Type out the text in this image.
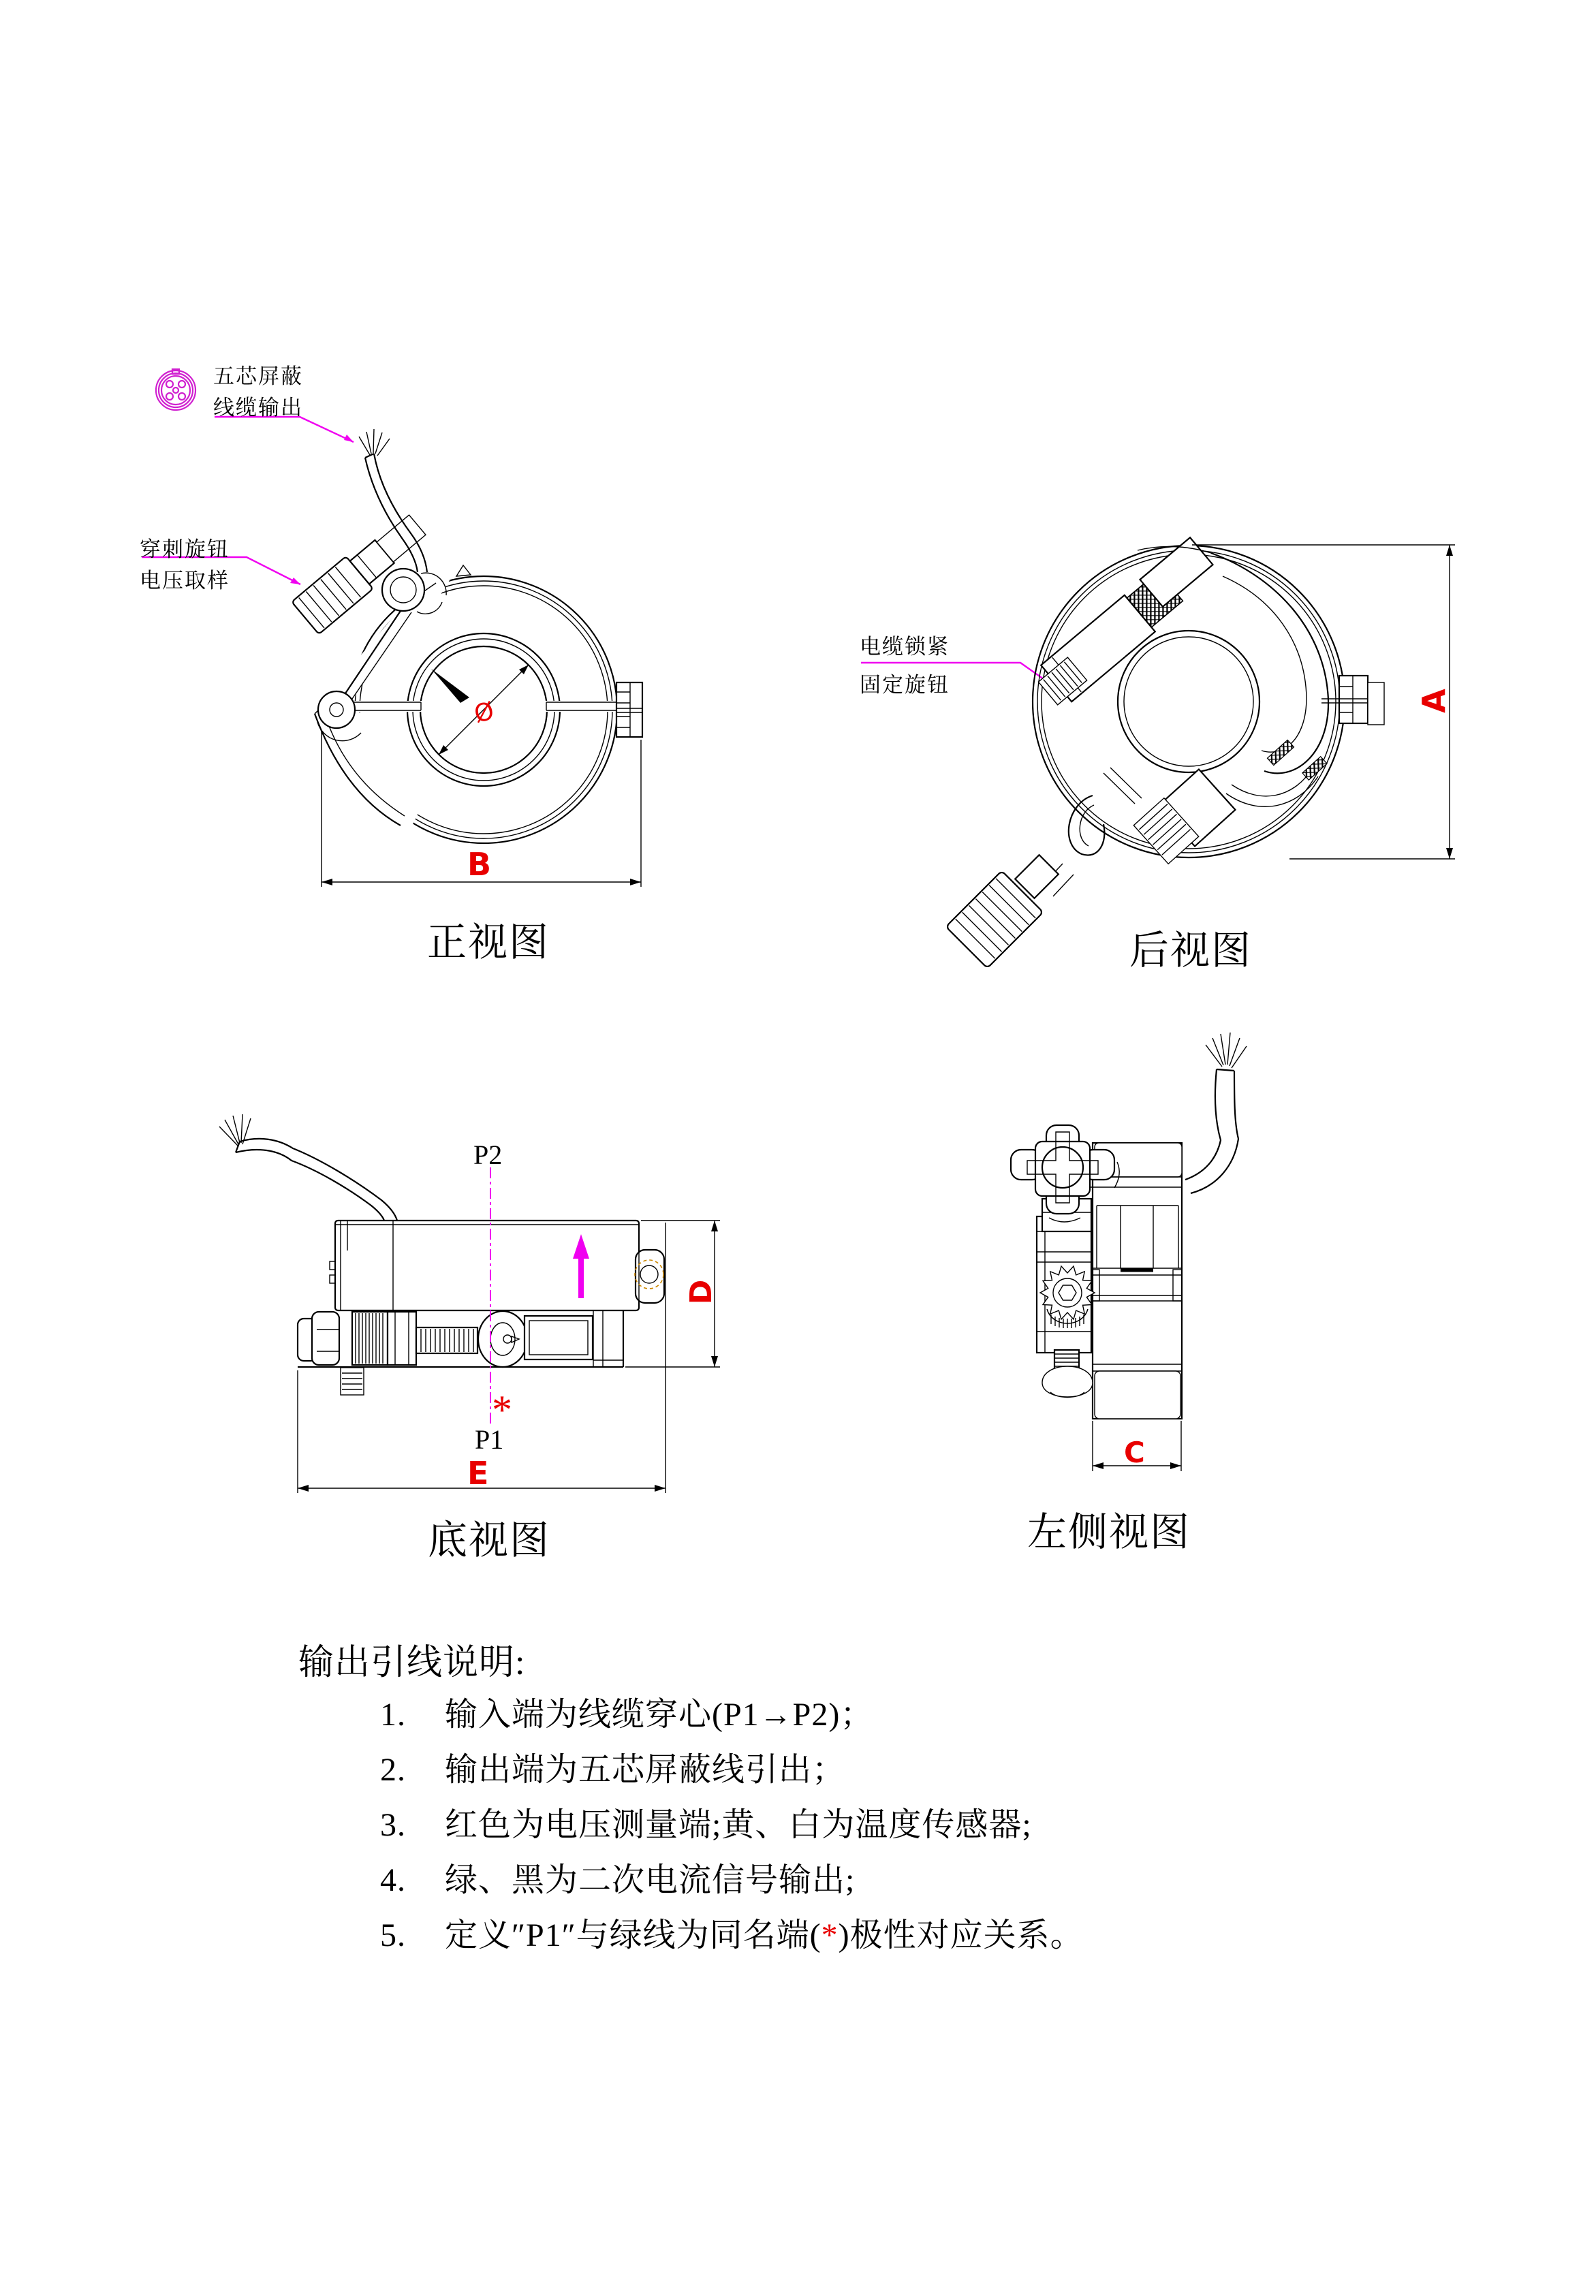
Ø
五芯屏蔽
线缆输出
穿刺旋钮
电压取样
电缆锁紧
固定旋钮
B
A
D
E
C
P2
P1
*
正视图	后视图
底视图	左侧视图
输出引线说明:
1. 输入端为线缆穿心(P1→P2)；
2. 输出端为五芯屏蔽线引出；
3. 红色为电压测量端;黄、白为温度传感器;
4. 绿、黑为二次电流信号输出;
5. 定义″P1″与绿线为同名端(*)极性对应关系。
